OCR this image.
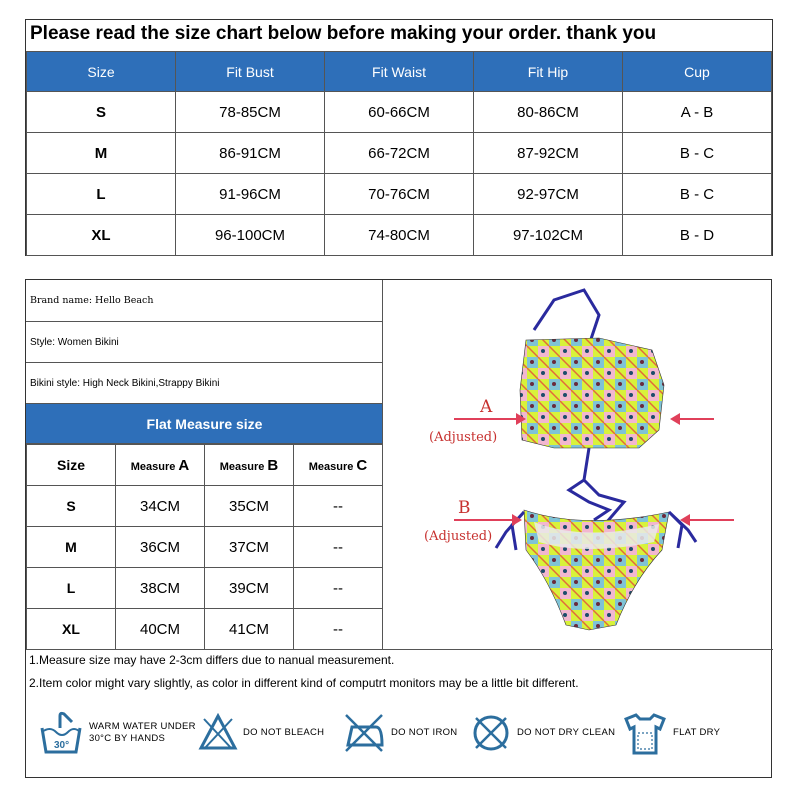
Please read the size chart below before making your order. thank you
Size	Fit Bust	Fit Waist	Fit Hip	Cup
S	78-85CM	60-66CM	80-86CM	A - B
M	86-91CM	66-72CM	87-92CM	B - C
L	91-96CM	70-76CM	92-97CM	B - C
XL	96-100CM	74-80CM	97-102CM	B - D
Brand name: Hello Beach
Style: Women Bikini
Bikini style: High Neck Bikini,Strappy Bikini
Flat Measure size
Size	Measure A	Measure B	Measure C
S	34CM	35CM	--
M	36CM	37CM	--
L	38CM	39CM	--
XL	40CM	41CM	--
A
(Adjusted)
B
(Adjusted)
1.Measure size may have 2-3cm differs due to nanual measurement.
2.Item color might vary slightly, as color in different kind of computrt monitors may be a little bit different.
30°
WARM WATER UNDER
30°C BY HANDS
DO NOT BLEACH	DO NOT IRON	DO NOT DRY CLEAN	FLAT DRY
